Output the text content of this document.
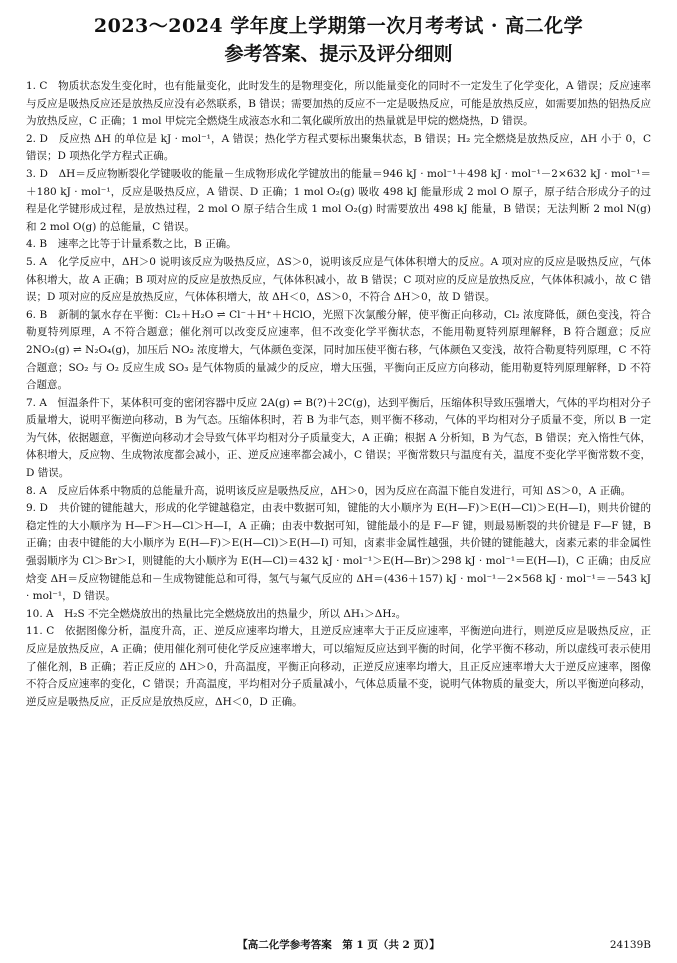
2023～2024 学年度上学期第一次月考考试 · 高二化学
参考答案、提示及评分细则

1. C　物质状态发生变化时，也有能量变化，此时发生的是物理变化，所以能量变化的同时不一定发生了化学变化，A 错误；反应速率与反应是吸热反应还是放热反应没有必然联系，B 错误；需要加热的反应不一定是吸热反应，可能是放热反应，如需要加热的铝热反应为放热反应，C 正确；1 mol 甲烷完全燃烧生成液态水和二氧化碳所放出的热量就是甲烷的燃烧热，D 错误。

2. D　反应热 ΔH 的单位是 kJ · mol⁻¹，A 错误；热化学方程式要标出聚集状态，B 错误；H₂ 完全燃烧是放热反应，ΔH 小于 0，C 错误；D 项热化学方程式正确。

3. D　ΔH＝反应物断裂化学键吸收的能量－生成物形成化学键放出的能量＝946 kJ · mol⁻¹＋498 kJ · mol⁻¹－2×632 kJ · mol⁻¹＝＋180 kJ · mol⁻¹，反应是吸热反应，A 错误、D 正确；1 mol O₂(g) 吸收 498 kJ 能量形成 2 mol O 原子，原子结合形成分子的过程是化学键形成过程，是放热过程，2 mol O 原子结合生成 1 mol O₂(g) 时需要放出 498 kJ 能量，B 错误；无法判断 2 mol N(g) 和 2 mol O(g) 的总能量，C 错误。

4. B　速率之比等于计量系数之比，B 正确。

5. A　化学反应中，ΔH＞0 说明该反应为吸热反应，ΔS＞0，说明该反应是气体体积增大的反应。A 项对应的反应是吸热反应，气体体积增大，故 A 正确；B 项对应的反应是放热反应，气体体积减小，故 B 错误；C 项对应的反应是放热反应，气体体积减小，故 C 错误；D 项对应的反应是放热反应，气体体积增大，故 ΔH＜0，ΔS＞0，不符合 ΔH＞0，故 D 错误。

6. B　新制的氯水存在平衡：Cl₂＋H₂O ⇌ Cl⁻＋H⁺＋HClO，光照下次氯酸分解，使平衡正向移动，Cl₂ 浓度降低，颜色变浅，符合勒夏特列原理，A 不符合题意；催化剂可以改变反应速率，但不改变化学平衡状态，不能用勒夏特列原理解释，B 符合题意；反应 2NO₂(g) ⇌ N₂O₄(g)，加压后 NO₂ 浓度增大，气体颜色变深，同时加压使平衡右移，气体颜色又变浅，故符合勒夏特列原理，C 不符合题意；SO₂ 与 O₂ 反应生成 SO₃ 是气体物质的量减少的反应，增大压强，平衡向正反应方向移动，能用勒夏特列原理解释，D 不符合题意。

7. A　恒温条件下，某体积可变的密闭容器中反应 2A(g) ⇌ B(?)＋2C(g)，达到平衡后，压缩体积导致压强增大，气体的平均相对分子质量增大，说明平衡逆向移动，B 为气态。压缩体积时，若 B 为非气态，则平衡不移动，气体的平均相对分子质量不变，所以 B 一定为气体，依据题意，平衡逆向移动才会导致气体平均相对分子质量变大，A 正确；根据 A 分析知，B 为气态，B 错误；充入惰性气体，体积增大，反应物、生成物浓度都会减小，正、逆反应速率都会减小，C 错误；平衡常数只与温度有关，温度不变化学平衡常数不变，D 错误。

8. A　反应后体系中物质的总能量升高，说明该反应是吸热反应，ΔH＞0，因为反应在高温下能自发进行，可知 ΔS＞0，A 正确。

9. D　共价键的键能越大，形成的化学键越稳定，由表中数据可知，键能的大小顺序为 E(H—F)＞E(H—Cl)＞E(H—I)，则共价键的稳定性的大小顺序为 H—F＞H—Cl＞H—I，A 正确；由表中数据可知，键能最小的是 F—F 键，则最易断裂的共价键是 F—F 键，B 正确；由表中键能的大小顺序为 E(H—F)＞E(H—Cl)＞E(H—I) 可知，卤素非金属性越强，共价键的键能越大，卤素元素的非金属性强弱顺序为 Cl＞Br＞I，则键能的大小顺序为 E(H—Cl)＝432 kJ · mol⁻¹＞E(H—Br)＞298 kJ · mol⁻¹＝E(H—I)，C 正确；由反应焓变 ΔH＝反应物键能总和－生成物键能总和可得，氢气与氟气反应的 ΔH＝(436＋157) kJ · mol⁻¹－2×568 kJ · mol⁻¹＝－543 kJ · mol⁻¹，D 错误。

10. A　H₂S 不完全燃烧放出的热量比完全燃烧放出的热量少，所以 ΔH₁＞ΔH₂。

11. C　依据图像分析，温度升高，正、逆反应速率均增大，且逆反应速率大于正反应速率，平衡逆向进行，则逆反应是吸热反应，正反应是放热反应，A 正确；使用催化剂可使化学反应速率增大，可以缩短反应达到平衡的时间，化学平衡不移动，所以虚线可表示使用了催化剂，B 正确；若正反应的 ΔH＞0，升高温度，平衡正向移动，正逆反应速率均增大，且正反应速率增大大于逆反应速率，图像不符合反应速率的变化，C 错误；升高温度，平均相对分子质量减小，气体总质量不变，说明气体物质的量变大，所以平衡逆向移动，逆反应是吸热反应，正反应是放热反应，ΔH＜0，D 正确。

【高二化学参考答案　第 1 页（共 2 页）】	24139B
